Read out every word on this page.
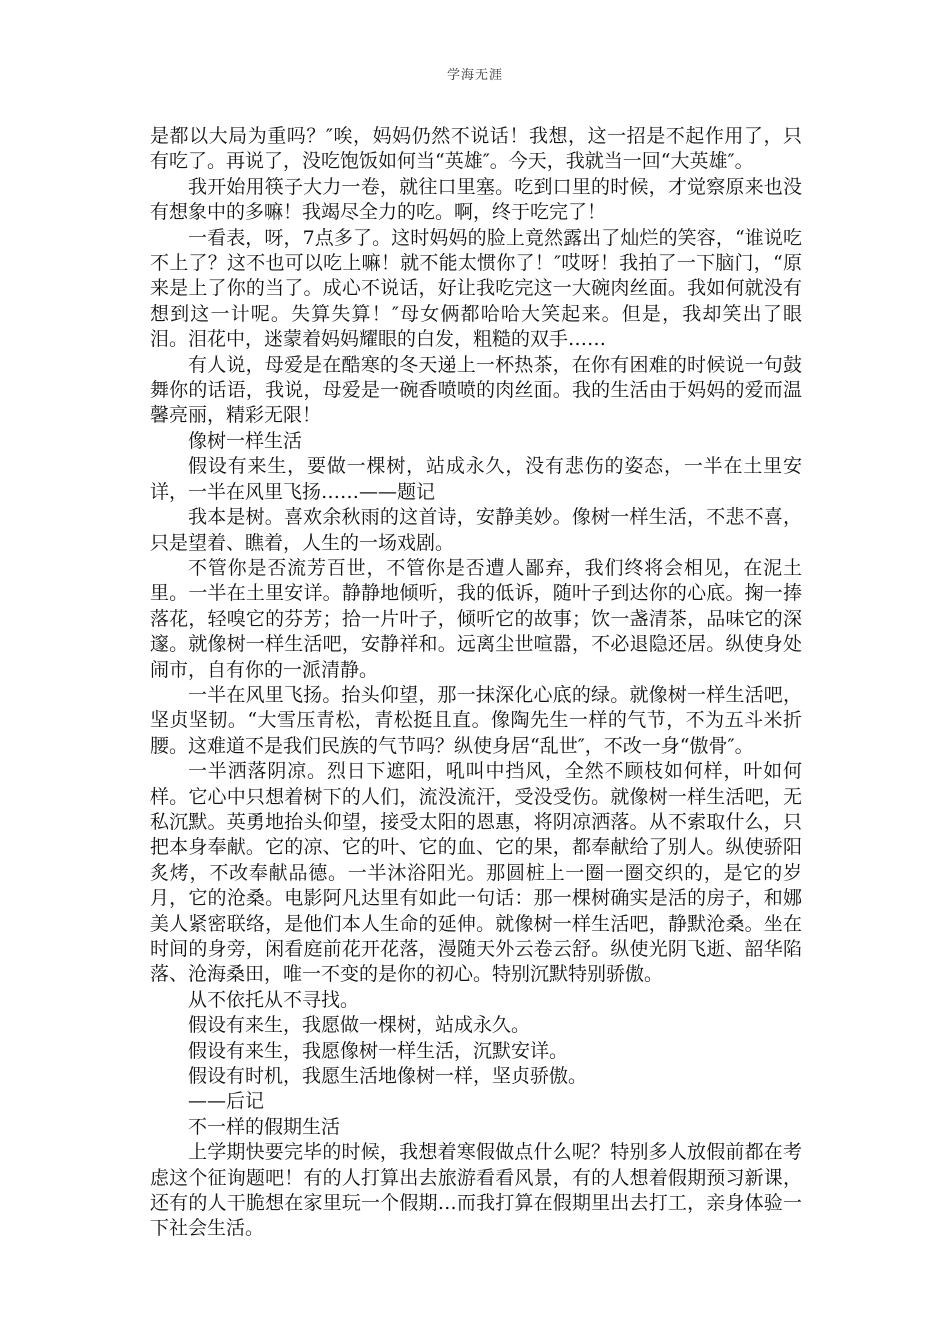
学海无涯

是都以大局为重吗？″唉，妈妈仍然不说话！我想，这一招是不起作用了，只有吃了。再说了，没吃饱饭如何当“英雄″。今天，我就当一回“大英雄″。

我开始用筷子大力一卷，就往口里塞。吃到口里的时候，才觉察原来也没有想象中的多嘛！我竭尽全力的吃。啊，终于吃完了！

一看表，呀，7点多了。这时妈妈的脸上竟然露出了灿烂的笑容，“谁说吃不上了？这不也可以吃上嘛！就不能太惯你了！″哎呀！我拍了一下脑门，“原来是上了你的当了。成心不说话，好让我吃完这一大碗肉丝面。我如何就没有想到这一计呢。失算失算！″母女俩都哈哈大笑起来。但是，我却笑出了眼泪。泪花中，迷蒙着妈妈耀眼的白发，粗糙的双手……

有人说，母爱是在酷寒的冬天递上一杯热茶，在你有困难的时候说一句鼓舞你的话语，我说，母爱是一碗香喷喷的肉丝面。我的生活由于妈妈的爱而温馨亮丽，精彩无限！

像树一样生活

假设有来生，要做一棵树，站成永久，没有悲伤的姿态，一半在土里安详，一半在风里飞扬……——题记

我本是树。喜欢余秋雨的这首诗，安静美妙。像树一样生活，不悲不喜，只是望着、瞧着，人生的一场戏剧。

不管你是否流芳百世，不管你是否遭人鄙弃，我们终将会相见，在泥土里。一半在土里安详。静静地倾听，我的低诉，随叶子到达你的心底。掬一捧落花，轻嗅它的芬芳；拾一片叶子，倾听它的故事；饮一盏清茶，品味它的深邃。就像树一样生活吧，安静祥和。远离尘世喧嚣，不必退隐还居。纵使身处闹市，自有你的一派清静。

一半在风里飞扬。抬头仰望，那一抹深化心底的绿。就像树一样生活吧，坚贞坚韧。“大雪压青松，青松挺且直。像陶先生一样的气节，不为五斗米折腰。这难道不是我们民族的气节吗？纵使身居“乱世″，不改一身“傲骨″。

一半洒落阴凉。烈日下遮阳，吼叫中挡风，全然不顾枝如何样，叶如何样。它心中只想着树下的人们，流没流汗，受没受伤。就像树一样生活吧，无私沉默。英勇地抬头仰望，接受太阳的恩惠，将阴凉洒落。从不索取什么，只把本身奉献。它的凉、它的叶、它的血、它的果，都奉献给了别人。纵使骄阳炙烤，不改奉献品德。一半沐浴阳光。那圆桩上一圈一圈交织的，是它的岁月，它的沧桑。电影阿凡达里有如此一句话：那一棵树确实是活的房子，和娜美人紧密联络，是他们本人生命的延伸。就像树一样生活吧，静默沧桑。坐在时间的身旁，闲看庭前花开花落，漫随天外云卷云舒。纵使光阴飞逝、韶华陷落、沧海桑田，唯一不变的是你的初心。特别沉默特别骄傲。

从不依托从不寻找。

假设有来生，我愿做一棵树，站成永久。

假设有来生，我愿像树一样生活，沉默安详。

假设有时机，我愿生活地像树一样，坚贞骄傲。

——后记

不一样的假期生活

上学期快要完毕的时候，我想着寒假做点什么呢？特别多人放假前都在考虑这个征询题吧！有的人打算出去旅游看看风景，有的人想着假期预习新课，还有的人干脆想在家里玩一个假期…而我打算在假期里出去打工，亲身体验一下社会生活。
